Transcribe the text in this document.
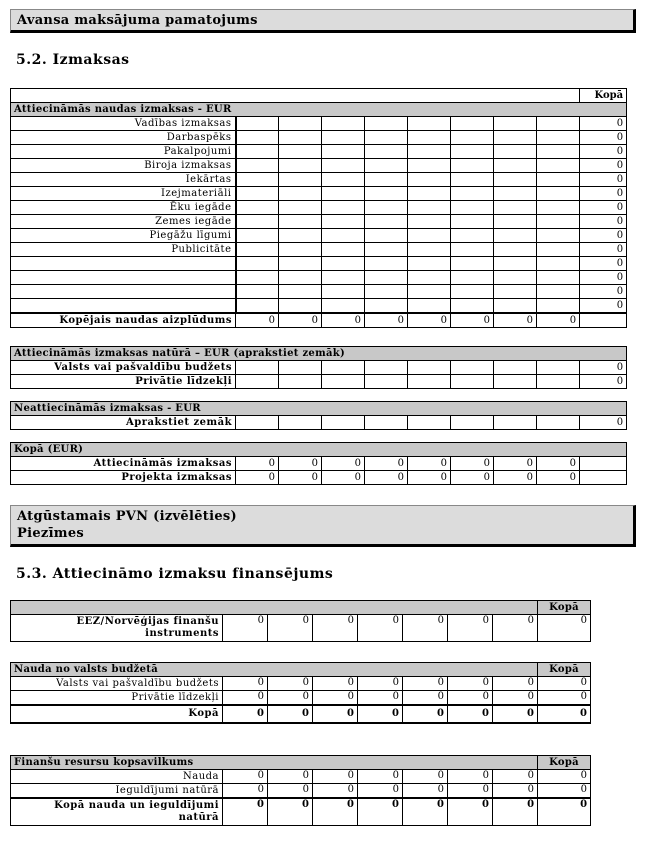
Avansa maksājuma pamatojums
5.2. Izmaksas
									Kopā
Attiecināmās naudas izmaksas - EUR									
Vadības izmaksas									0
Darbaspēks									0
Pakalpojumi									0
Biroja izmaksas									0
Iekārtas									0
Izejmateriāli									0
Ēku iegāde									0
Zemes iegāde									0
Piegāžu līgumi									0
Publicitāte									0
									0
									0
									0
									0
Kopējais naudas aizplūdums	0	0	0	0	0	0	0	0	
Attiecināmās izmaksas natūrā – EUR (aprakstiet zemāk)									
Valsts vai pašvaldību budžets									0
Privātie līdzekļi									0
Neattiecināmās izmaksas - EUR
Aprakstiet zemāk									0
Kopā (EUR)									
Attiecināmās izmaksas	0	0	0	0	0	0	0	0	
Projekta izmaksas	0	0	0	0	0	0	0	0	
Atgūstamais PVN (izvēlēties)
Piezīmes
5.3. Attiecināmo izmaksu finansējums
								Kopā
EEZ/Norvēģijas finanšu instruments	0	0	0	0	0	0	0	0
Nauda no valsts budžetā								Kopā
Valsts vai pašvaldību budžets	0	0	0	0	0	0	0	0
Privātie līdzekļi	0	0	0	0	0	0	0	0
Kopā	0	0	0	0	0	0	0	0
Finanšu resursu kopsavilkums								Kopā
Nauda	0	0	0	0	0	0	0	0
Ieguldījumi natūrā	0	0	0	0	0	0	0	0
Kopā nauda un ieguldījumi natūrā	0	0	0	0	0	0	0	0
